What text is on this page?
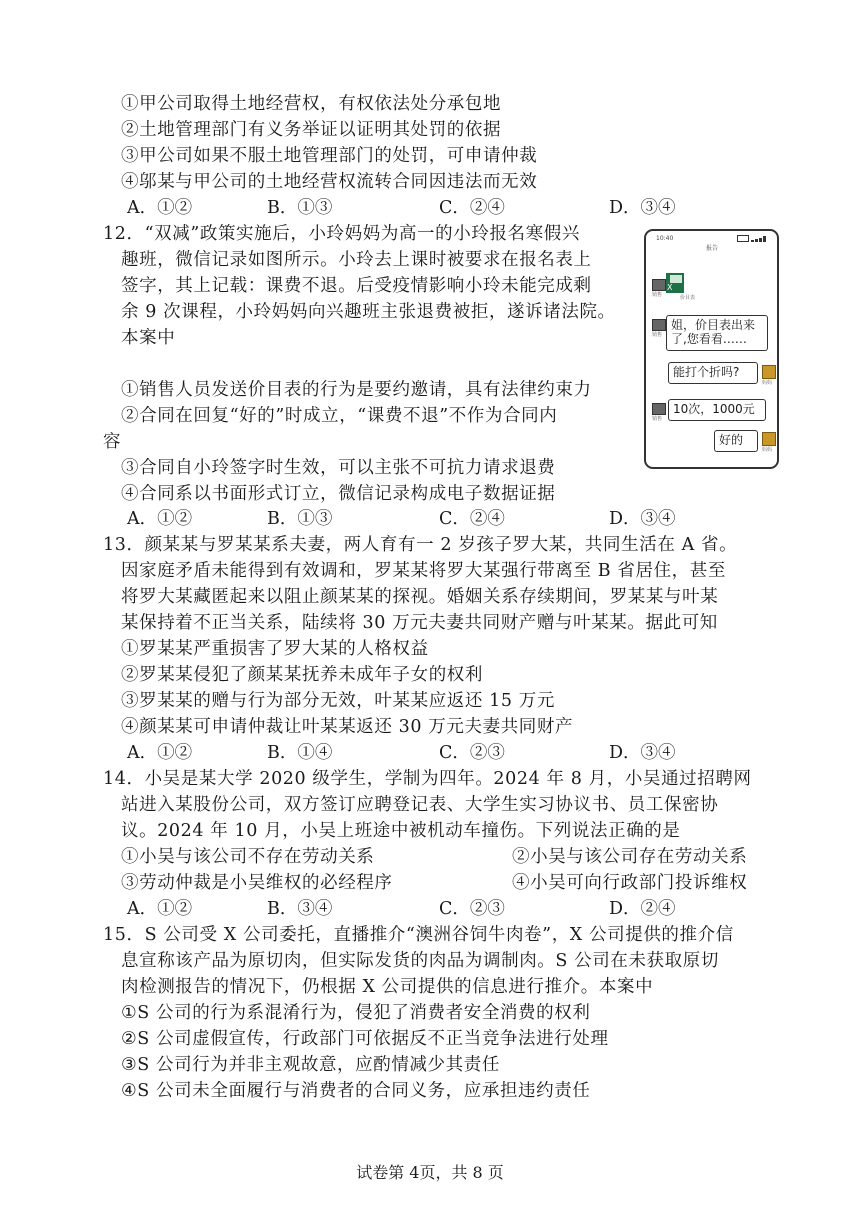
①甲公司取得土地经营权，有权依法处分承包地
②土地管理部门有义务举证以证明其处罚的依据
③甲公司如果不服土地管理部门的处罚，可申请仲裁
④邬某与甲公司的土地经营权流转合同因违法而无效
A．①②	B．①③	C．②④	D．③④
12．“双减”政策实施后，小玲妈妈为高一的小玲报名寒假兴
趣班，微信记录如图所示。小玲去上课时被要求在报名表上
签字，其上记载：课费不退。后受疫情影响小玲未能完成剩
余 9 次课程，小玲妈妈向兴趣班主张退费被拒，遂诉诸法院。
本案中
①销售人员发送价目表的行为是要约邀请，具有法律约束力
②合同在回复“好的”时成立，“课费不退”不作为合同内
容
③合同自小玲签字时生效，可以主张不可抗力请求退费
④合同系以书面形式订立，微信记录构成电子数据证据
A．①②	B．①③	C．②④	D．③④
10:40
报告
销售
X
价目表
销售
姐，价目表出来
了,您看看……
能打个折吗?
妈妈
销售
10次，1000元
好的
妈妈
13．颜某某与罗某某系夫妻，两人育有一 2 岁孩子罗大某，共同生活在 A 省。
因家庭矛盾未能得到有效调和，罗某某将罗大某强行带离至 B 省居住，甚至
将罗大某藏匿起来以阻止颜某某的探视。婚姻关系存续期间，罗某某与叶某
某保持着不正当关系，陆续将 30 万元夫妻共同财产赠与叶某某。据此可知
①罗某某严重损害了罗大某的人格权益
②罗某某侵犯了颜某某抚养未成年子女的权利
③罗某某的赠与行为部分无效，叶某某应返还 15 万元
④颜某某可申请仲裁让叶某某返还 30 万元夫妻共同财产
A．①②	B．①④	C．②③	D．③④
14．小吴是某大学 2020 级学生，学制为四年。2024 年 8 月，小吴通过招聘网
站进入某股份公司，双方签订应聘登记表、大学生实习协议书、员工保密协
议。2024 年 10 月，小吴上班途中被机动车撞伤。下列说法正确的是
①小吴与该公司不存在劳动关系	②小吴与该公司存在劳动关系
③劳动仲裁是小吴维权的必经程序	④小吴可向行政部门投诉维权
A．①②	B．③④	C．②③	D．②④
15．S 公司受 X 公司委托，直播推介“澳洲谷饲牛肉卷”，X 公司提供的推介信
息宣称该产品为原切肉，但实际发货的肉品为调制肉。S 公司在未获取原切
肉检测报告的情况下，仍根据 X 公司提供的信息进行推介。本案中
①S 公司的行为系混淆行为，侵犯了消费者安全消费的权利
②S 公司虚假宣传，行政部门可依据反不正当竞争法进行处理
③S 公司行为并非主观故意，应酌情减少其责任
④S 公司未全面履行与消费者的合同义务，应承担违约责任
试卷第 4页，共 8 页
